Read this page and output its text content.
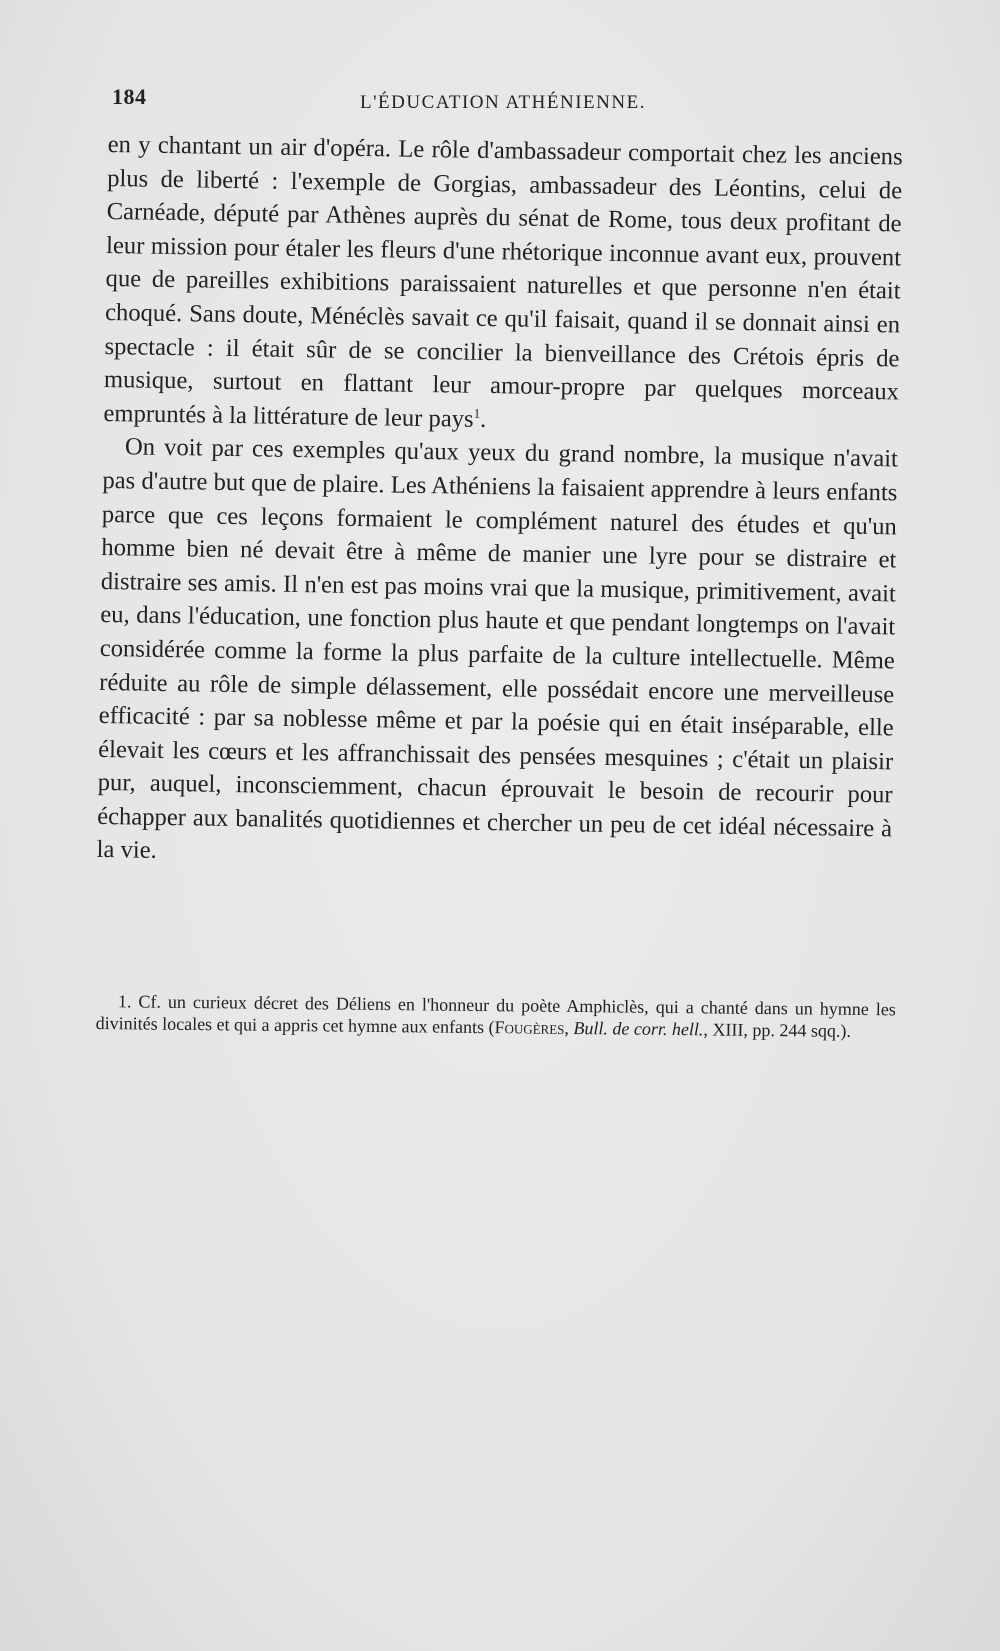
184	L'ÉDUCATION ATHÉNIENNE.

en y chantant un air d'opéra. Le rôle d'ambassadeur comportait chez les anciens plus de liberté : l'exemple de Gorgias, ambassadeur des Léontins, celui de Carnéade, député par Athènes auprès du sénat de Rome, tous deux profitant de leur mission pour étaler les fleurs d'une rhétorique inconnue avant eux, prouvent que de pareilles exhibitions paraissaient naturelles et que personne n'en était choqué. Sans doute, Ménéclès savait ce qu'il faisait, quand il se donnait ainsi en spectacle : il était sûr de se concilier la bienveillance des Crétois épris de musique, surtout en flattant leur amour-propre par quelques morceaux empruntés à la littérature de leur pays$^1$.

On voit par ces exemples qu'aux yeux du grand nombre, la musique n'avait pas d'autre but que de plaire. Les Athéniens la faisaient apprendre à leurs enfants parce que ces leçons formaient le complément naturel des études et qu'un homme bien né devait être à même de manier une lyre pour se distraire et distraire ses amis. Il n'en est pas moins vrai que la musique, primitivement, avait eu, dans l'éducation, une fonction plus haute et que pendant longtemps on l'avait considérée comme la forme la plus parfaite de la culture intellectuelle. Même réduite au rôle de simple délassement, elle possédait encore une merveilleuse efficacité : par sa noblesse même et par la poésie qui en était inséparable, elle élevait les cœurs et les affranchissait des pensées mesquines ; c'était un plaisir pur, auquel, inconsciemment, chacun éprouvait le besoin de recourir pour échapper aux banalités quotidiennes et chercher un peu de cet idéal nécessaire à la vie.

1. Cf. un curieux décret des Déliens en l'honneur du poète Amphiclès, qui a chanté dans un hymne les divinités locales et qui a appris cet hymne aux enfants (Fougères, Bull. de corr. hell., XIII, pp. 244 sqq.).
